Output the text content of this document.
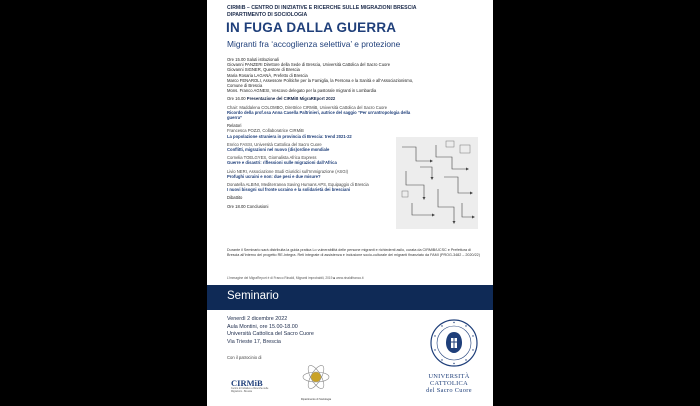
CIRMiB – CENTRO DI INIZIATIVE E RICERCHE SULLE MIGRAZIONI BRESCIA
DIPARTIMENTO DI SOCIOLOGIA
IN FUGA DALLA GUERRA
Migranti fra ‘accoglienza selettiva’ e protezione
Ore 15.00 Saluti istituzionali
Giovanni PANZERI Direttore della Sede di Brescia, Università Cattolica del Sacro Cuore
Giovanni SIGNER, Questore di Brescia
Maria Rosaria LAGANÀ, Prefetto di Brescia
Marco FENAROLI, Assessore Politiche per la Famiglia, la Persona e la Sanità e all'Associazionismo, Comune di Brescia
Mons. Franco AGNESI, Vescovo delegato per la pastorale migranti in Lombardia
Ore 16.00 Presentazione del CIRMiB MigraREport 2022
Chair: Maddalena COLOMBO, Direttrice CIRMiB, Università Cattolica del Sacro Cuore
Ricordo della prof.ssa Anna Casella Paltrinieri, autrice del saggio “Per un’antropologia della guerra”
Relatori
Francesca POZZI, Collaboratrice CIRMiB
La popolazione straniera in provincia di Brescia: trend 2021-22
Enrico FASSI, Università Cattolica del Sacro Cuore
Conflitti, migrazioni nel nuovo (dis)ordine mondiale
Cornelia TOELGYES, Giornalista Africa Express
Guerre e disastri: riflessioni sulle migrazioni dall’Africa
Livio NERI, Associazione Studi Giuridici sull’Immigrazione (ASGI)
Profughi ucraini e non: due pesi e due misure?
Donatella ALBINI, Mediterranea Saving Humans APS, Equipaggio di Brescia
I nuovi bisogni sul fronte ucraino e la solidarietà dei bresciani
Dibattito
Ore 18.00 Conclusioni
Durante il Seminario sarà distribuita la guida pratica Lo vulnerabilità delle persone migranti e richiedenti asilo, curata da CIRMiB/UCSC e Prefettura di Brescia all’interno del progetto RE-Integra. Reti integrate di assistenza e inclusione socio-culturale dei migranti finanziato da FAMI (PROG-3482 – 2020/22)
L’immagine del MigraReport è di Franco Rinaldi, Migranti improbabili, 2019 ■ www.rinaldifranco.it
Seminario
Venerdì 2 dicembre 2022
Aula Montini, ore 15.00-18.00
Università Cattolica del Sacro Cuore
Via Trieste 17, Brescia
Con il patrocinio di
CIRMiB
Centro di Iniziative e Ricerche sulle Migrazioni - Brescia
Dipartimento di Sociologia
UNIVERSITÀ
CATTOLICA
del Sacro Cuore
